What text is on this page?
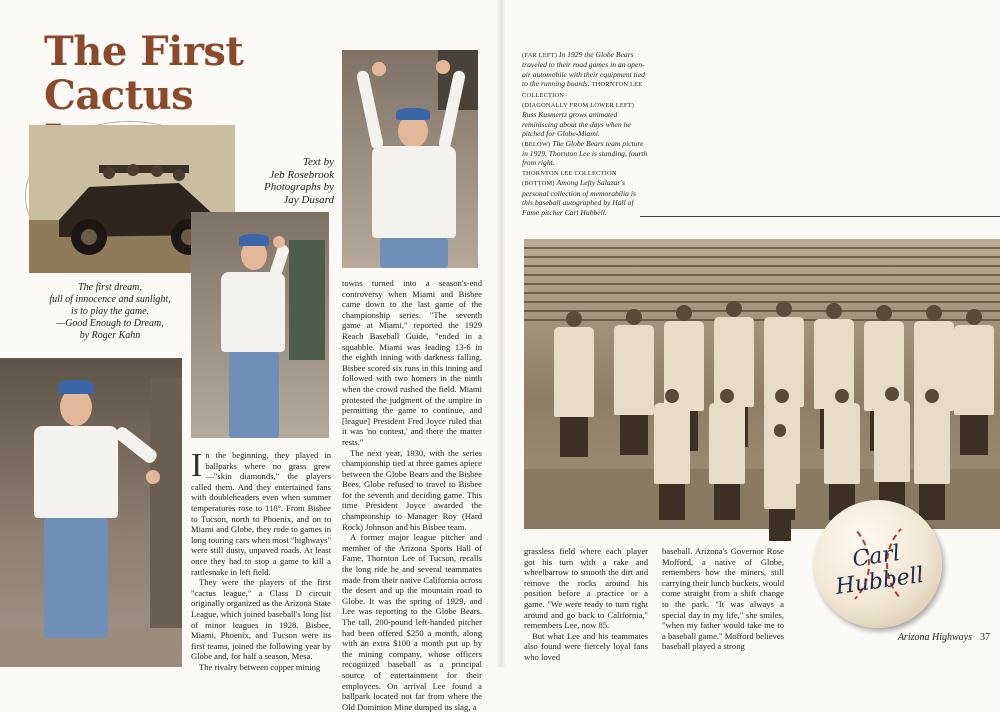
The First
Cactus
Text by
Jeb Rosebrook
Photographs by
Jay Dusard
The first dream,
full of innocence and sunlight,
is to play the game.
—Good Enough to Dream,
by Roger Kahn

In the beginning, they played in ballparks where no grass grew—"skin diamonds," the players called them. And they entertained fans with doubleheaders even when summer temperatures rose to 118°. From Bisbee to Tucson, north to Phoenix, and on to Miami and Globe, they rode to games in long touring cars when most "highways" were still dusty, unpaved roads. At least once they had to stop a game to kill a rattlesnake in left field.

They were the players of the first "cactus league," a Class D circuit originally organized as the Arizona State League, which joined baseball's long list of minor leagues in 1928. Bisbee, Miami, Phoenix, and Tucson were its first teams, joined the following year by Globe and, for half a season, Mesa.

The rivalry between copper mining

towns turned into a season's-end controversy when Miami and Bisbee came down to the last game of the championship series. "The seventh game at Miami," reported the 1929 Reach Baseball Guide, "ended in a squabble. Miami was leading 13-6 in the eighth inning with darkness falling. Bisbee scored six runs in this inning and followed with two homers in the ninth when the crowd rushed the field. Miami protested the judgment of the umpire in permitting the game to continue, and [league] President Fred Joyce ruled that it was 'no contest,' and there the matter rests."

The next year, 1930, with the series championship tied at three games apiece between the Globe Bears and the Bisbee Bees, Globe refused to travel to Bisbee for the seventh and deciding game. This time President Joyce awarded the championship to Manager Roy (Hard Rock) Johnson and his Bisbee team.

A former major league pitcher and member of the Arizona Sports Hall of Fame, Thornton Lee of Tucson, recalls the long ride he and several teammates made from their native California across the desert and up the mountain road to Globe. It was the spring of 1929, and Lee was reporting to the Globe Bears. The tall, 200-pound left-handed pitcher had been offered $250 a month, along with an extra $100 a month put up by the mining company, whose officers recognized baseball as a principal source of entertainment for their employees. On arrival Lee found a ballpark located not far from where the Old Dominion Mine dumped its slag, a

(FAR LEFT) In 1929 the Globe Bears traveled to their road games in an open-air automobile with their equipment tied to the running boards. THORNTON LEE COLLECTION
(DIAGONALLY FROM LOWER LEFT)
Russ Kusmertz grows animated reminiscing about the days when he pitched for Globe-Miami.
(BELOW) The Globe Bears team picture in 1929. Thornton Lee is standing, fourth from right.
THORNTON LEE COLLECTION
(BOTTOM) Among Lefty Salazar's personal collection of memorabilia is this baseball autographed by Hall of Fame pitcher Carl Hubbell.

grassless field where each player got his turn with a rake and wheelbarrow to smooth the dirt and remove the rocks around his position before a practice or a game. "We were ready to turn right around and go back to California," remembers Lee, now 85.

But what Lee and his teammates also found were fiercely loyal fans who loved

baseball. Arizona's Governor Rose Mofford, a native of Globe, remembers how the miners, still carrying their lunch buckets, would come straight from a shift change to the park. "It was always a special day in my life," she smiles, "when my father would take me to a baseball game." Mofford believes baseball played a strong

Carl Hubbell
Arizona Highways 37
